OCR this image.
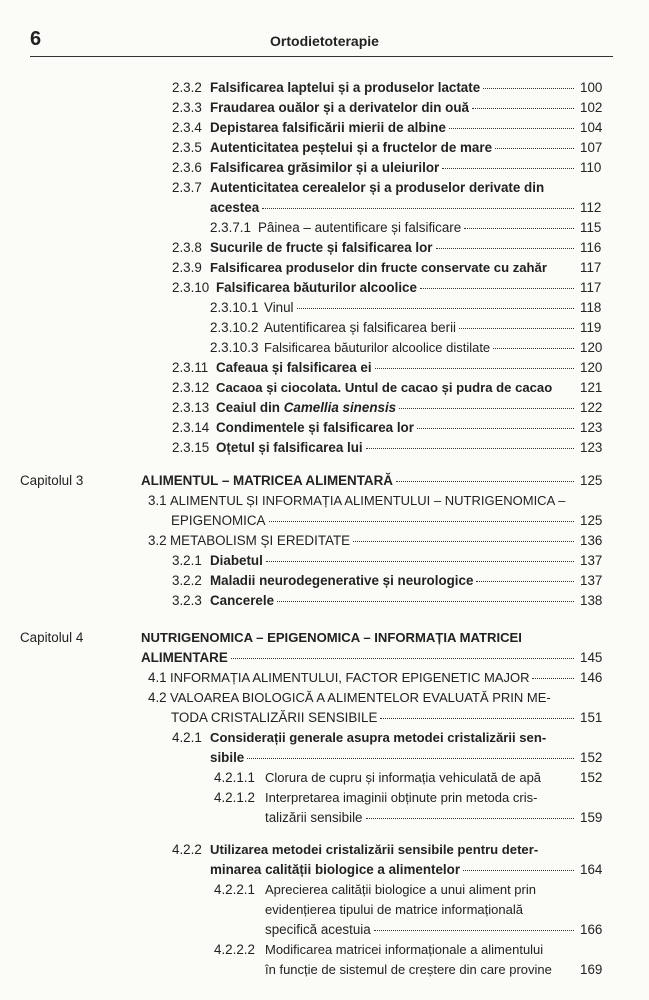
6	Ortodietoterapie
2.3.2 Falsificarea laptelui și a produselor lactate	100
2.3.3 Fraudarea ouălor și a derivatelor din ouă	102
2.3.4 Depistarea falsificării mierii de albine	104
2.3.5 Autenticitatea peștelui și a fructelor de mare	107
2.3.6 Falsificarea grăsimilor și a uleiurilor	110
2.3.7 Autenticitatea cerealelor și a produselor derivate din
acestea	112
2.3.7.1 Pâinea – autentificare și falsificare	115
2.3.8 Sucurile de fructe și falsificarea lor	116
2.3.9 Falsificarea produselor din fructe conservate cu zahăr 117
2.3.10 Falsificarea băuturilor alcoolice	117
2.3.10.1 Vinul	118
2.3.10.2 Autentificarea și falsificarea berii	119
2.3.10.3 Falsificarea băuturilor alcoolice distilate	120
2.3.11 Cafeaua și falsificarea ei	120
2.3.12 Cacaoa și ciocolata. Untul de cacao și pudra de cacao 121
2.3.13 Ceaiul din Camellia sinensis	122
2.3.14 Condimentele și falsificarea lor	123
2.3.15 Oțetul și falsificarea lui	123
Capitolul 3	ALIMENTUL – MATRICEA ALIMENTARĂ	125
3.1 ALIMENTUL ȘI INFORMAȚIA ALIMENTULUI – NUTRIGENOMICA –
EPIGENOMICA	125
3.2 METABOLISM ȘI EREDITATE	136
3.2.1 Diabetul	137
3.2.2 Maladii neurodegenerative și neurologice	137
3.2.3 Cancerele	138
Capitolul 4	NUTRIGENOMICA – EPIGENOMICA – INFORMAȚIA MATRICEI
ALIMENTARE	145
4.1 INFORMAȚIA ALIMENTULUI, FACTOR EPIGENETIC MAJOR	146
4.2 VALOAREA BIOLOGICĂ A ALIMENTELOR EVALUATĂ PRIN ME-
TODA CRISTALIZĂRII SENSIBILE	151
4.2.1 Considerații generale asupra metodei cristalizării sen-
sibile	152
4.2.1.1 Clorura de cupru și informația vehiculată de apă	152
4.2.1.2 Interpretarea imaginii obținute prin metoda cris-
talizării sensibile	159
4.2.2 Utilizarea metodei cristalizării sensibile pentru deter-
minarea calității biologice a alimentelor	164
4.2.2.1 Aprecierea calității biologice a unui aliment prin
evidențierea tipului de matrice informațională
specifică acestuia	166
4.2.2.2 Modificarea matricei informaționale a alimentului
în funcție de sistemul de creștere din care provine 169
